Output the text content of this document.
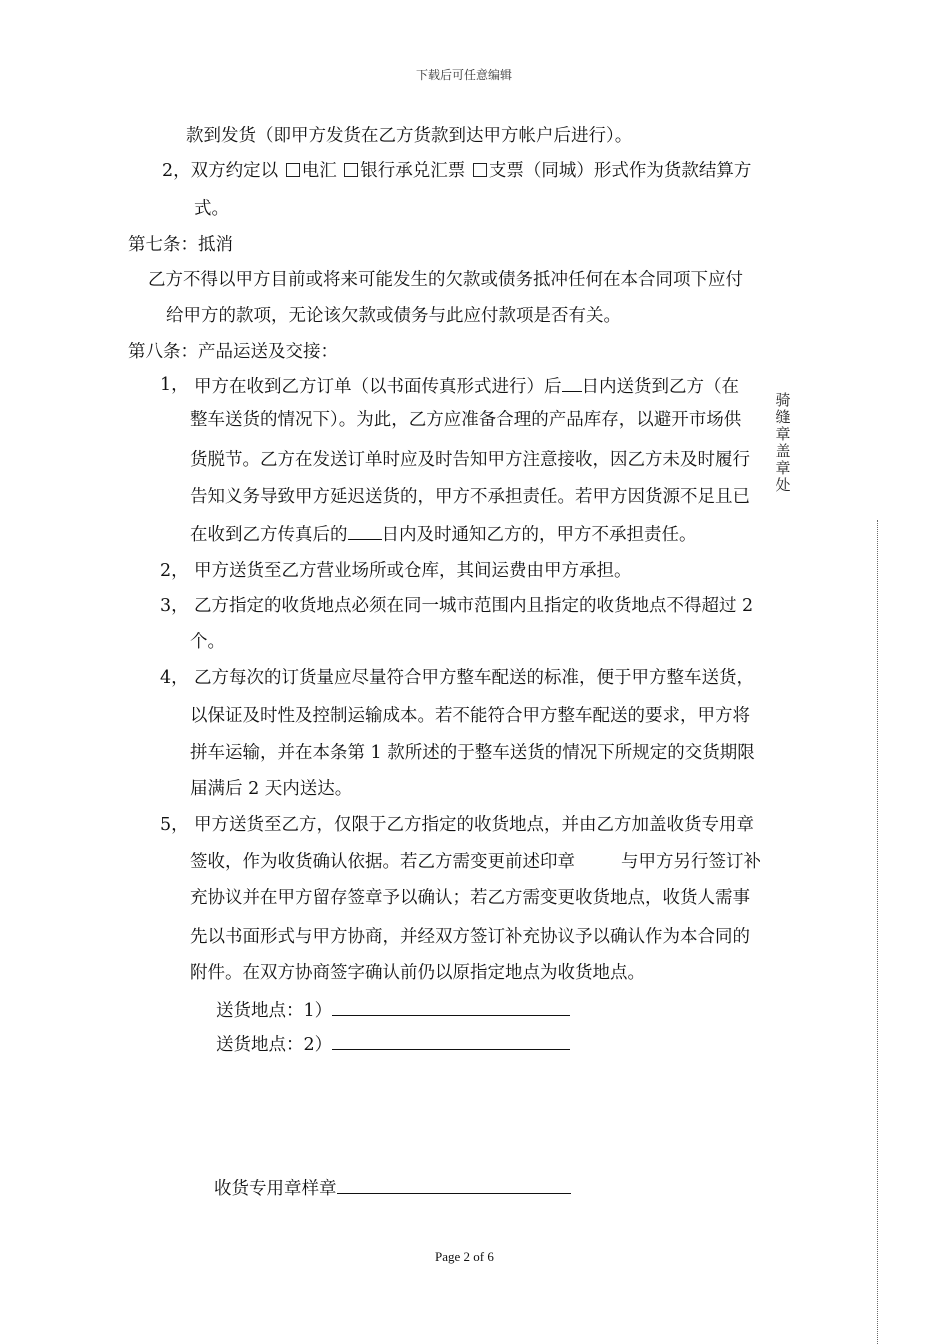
下载后可任意编辑
骑缝章盖章处
款到发货（即甲方发货在乙方货款到达甲方帐户后进行）。
2，双方约定以 电汇 银行承兑汇票 支票（同城）形式作为货款结算方
式。
第七条：抵消
乙方不得以甲方目前或将来可能发生的欠款或债务抵冲任何在本合同项下应付
给甲方的款项，无论该欠款或债务与此应付款项是否有关。
第八条：产品运送及交接：
1， 甲方在收到乙方订单（以书面传真形式进行）后 日内送货到乙方（在
整车送货的情况下）。为此，乙方应准备合理的产品库存，以避开市场供
货脱节。乙方在发送订单时应及时告知甲方注意接收，因乙方未及时履行
告知义务导致甲方延迟送货的，甲方不承担责任。若甲方因货源不足且已
在收到乙方传真后的 日内及时通知乙方的，甲方不承担责任。
2， 甲方送货至乙方营业场所或仓库，其间运费由甲方承担。
3， 乙方指定的收货地点必须在同一城市范围内且指定的收货地点不得超过 2
个。
4， 乙方每次的订货量应尽量符合甲方整车配送的标准，便于甲方整车送货，
以保证及时性及控制运输成本。若不能符合甲方整车配送的要求，甲方将
拼车运输，并在本条第 1 款所述的于整车送货的情况下所规定的交货期限
届满后 2 天内送达。
5， 甲方送货至乙方，仅限于乙方指定的收货地点，并由乙方加盖收货专用章
签收，作为收货确认依据。若乙方需变更前述印章	与甲方另行签订补
充协议并在甲方留存签章予以确认；若乙方需变更收货地点，收货人需事
先以书面形式与甲方协商，并经双方签订补充协议予以确认作为本合同的
附件。在双方协商签字确认前仍以原指定地点为收货地点。
送货地点：1）
送货地点：2）
收货专用章样章
Page 2 of 6
